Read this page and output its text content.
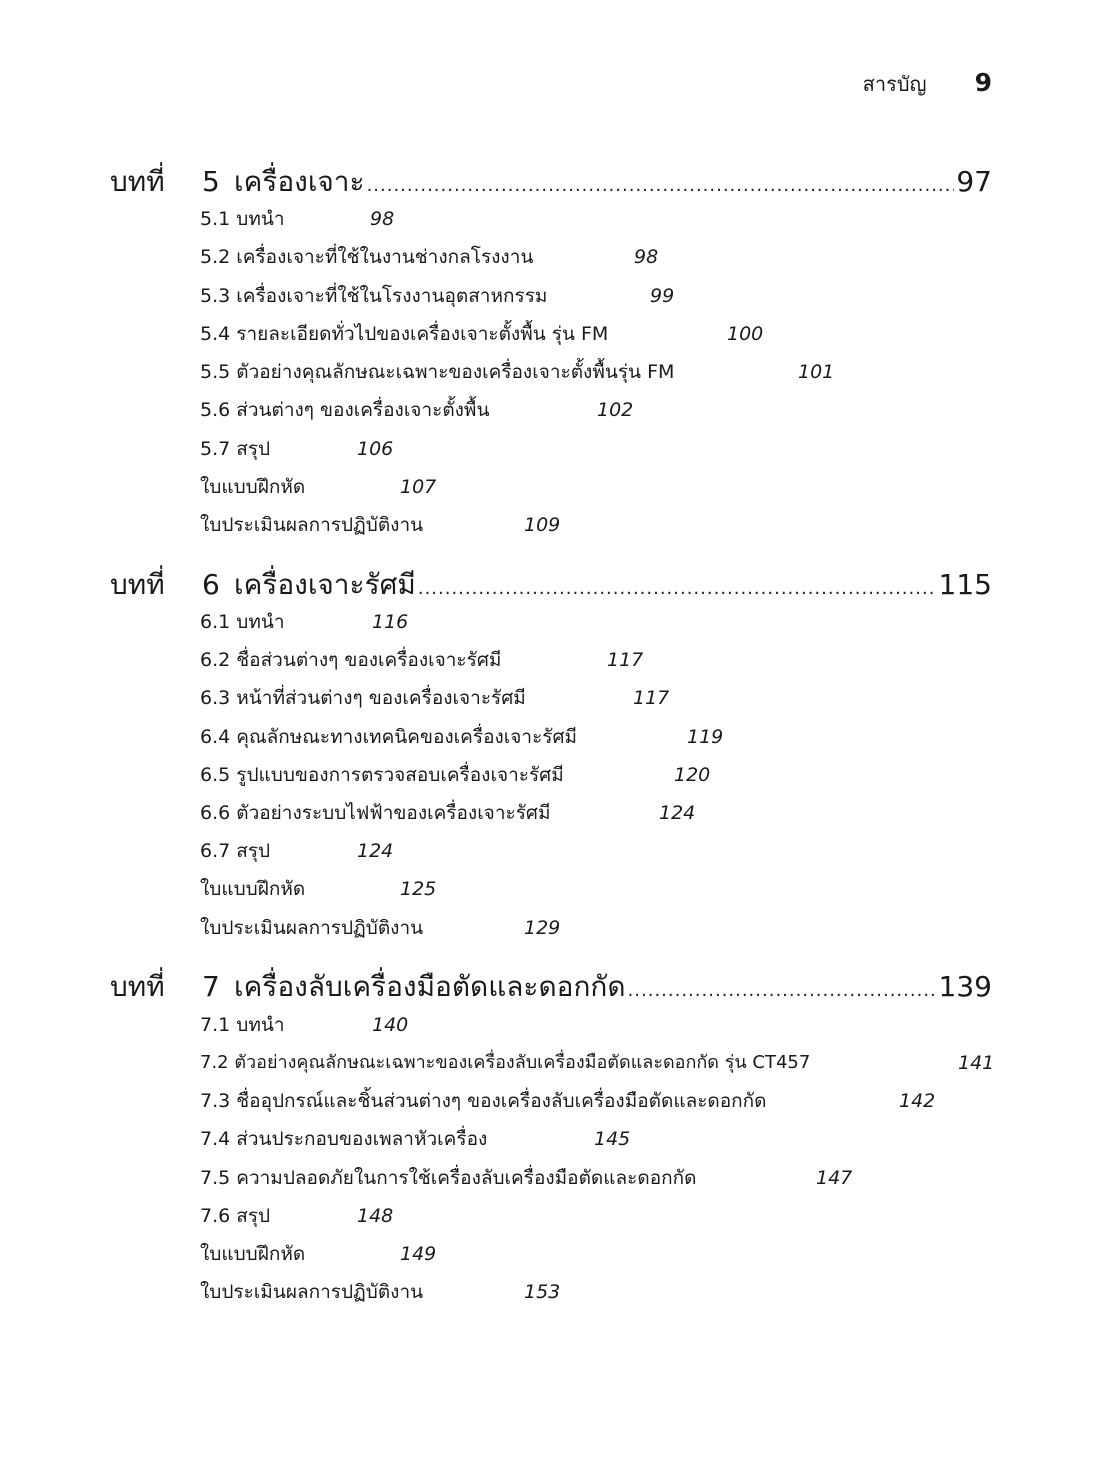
สารบัญ 9
บทที่	5 เครื่องเจาะ .....	97
5.1 บทนำ	98
5.2 เครื่องเจาะที่ใช้ในงานช่างกลโรงงาน	98
5.3 เครื่องเจาะที่ใช้ในโรงงานอุตสาหกรรม	99
5.4 รายละเอียดทั่วไปของเครื่องเจาะตั้งพื้น รุ่น FM	100
5.5 ตัวอย่างคุณลักษณะเฉพาะของเครื่องเจาะตั้งพื้นรุ่น FM	101
5.6 ส่วนต่างๆ ของเครื่องเจาะตั้งพื้น	102
5.7 สรุป	106
ใบแบบฝึกหัด	107
ใบประเมินผลการปฏิบัติงาน	109
บทที่	6 เครื่องเจาะรัศมี .....	115
6.1 บทนำ	116
6.2 ชื่อส่วนต่างๆ ของเครื่องเจาะรัศมี	117
6.3 หน้าที่ส่วนต่างๆ ของเครื่องเจาะรัศมี	117
6.4 คุณลักษณะทางเทคนิคของเครื่องเจาะรัศมี	119
6.5 รูปแบบของการตรวจสอบเครื่องเจาะรัศมี	120
6.6 ตัวอย่างระบบไฟฟ้าของเครื่องเจาะรัศมี	124
6.7 สรุป	124
ใบแบบฝึกหัด	125
ใบประเมินผลการปฏิบัติงาน	129
บทที่	7 เครื่องลับเครื่องมือตัดและดอกกัด .....	139
7.1 บทนำ	140
7.2 ตัวอย่างคุณลักษณะเฉพาะของเครื่องลับเครื่องมือตัดและดอกกัด รุ่น CT457	141
7.3 ชื่ออุปกรณ์และชิ้นส่วนต่างๆ ของเครื่องลับเครื่องมือตัดและดอกกัด	142
7.4 ส่วนประกอบของเพลาหัวเครื่อง	145
7.5 ความปลอดภัยในการใช้เครื่องลับเครื่องมือตัดและดอกกัด	147
7.6 สรุป	148
ใบแบบฝึกหัด	149
ใบประเมินผลการปฏิบัติงาน	153
